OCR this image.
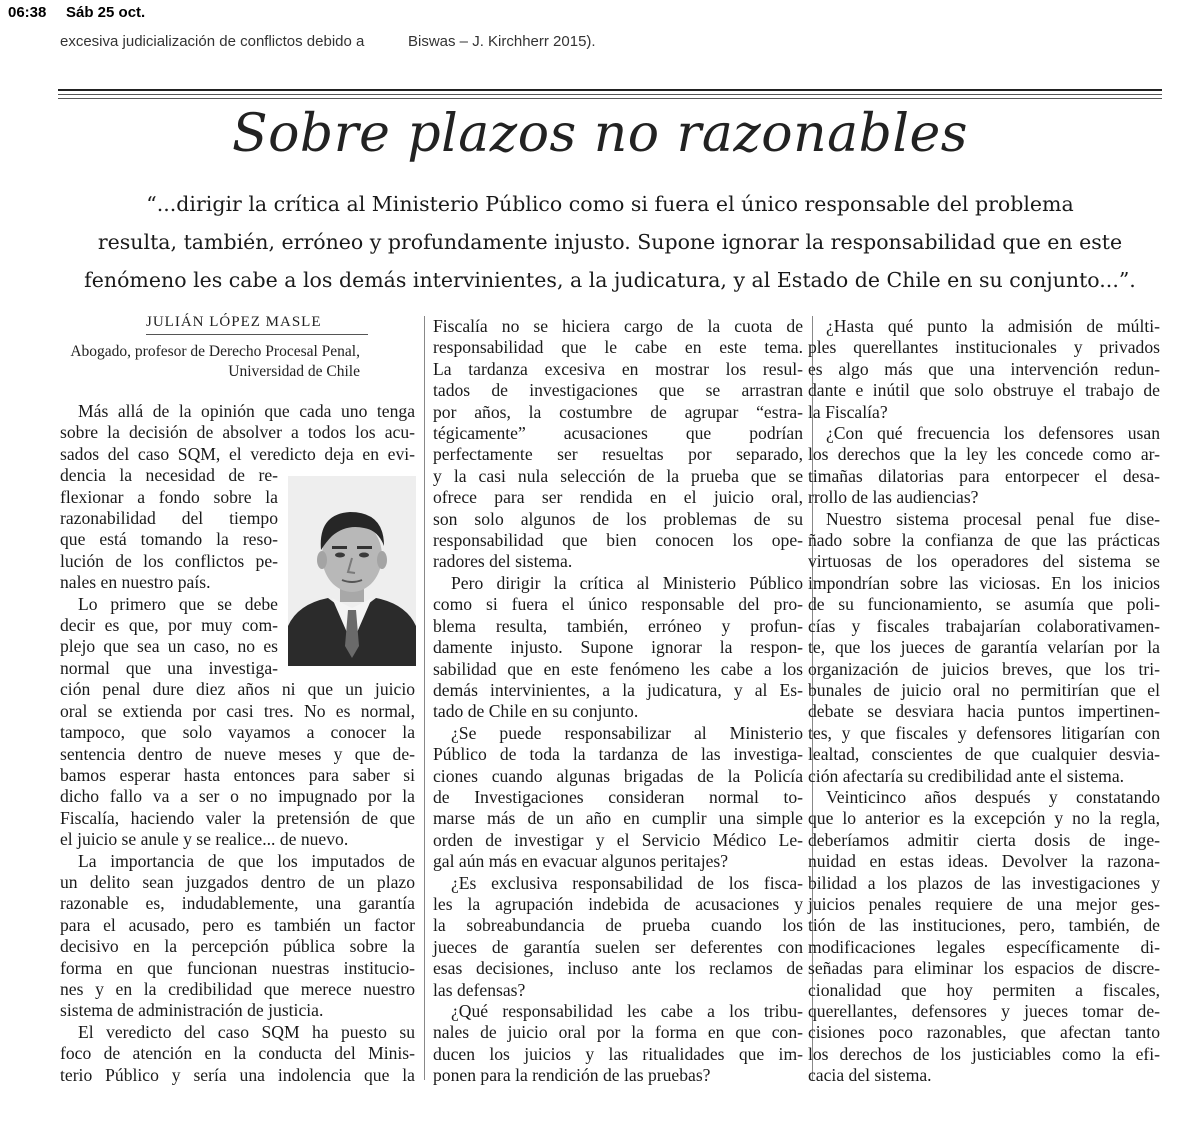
06:38 Sáb 25 oct.
excesiva judicialización de conflictos debido a	Biswas – J. Kirchherr 2015).
Sobre plazos no razonables
“...dirigir la crítica al Ministerio Público como si fuera el único responsable del problema
resulta, también, erróneo y profundamente injusto. Supone ignorar la responsabilidad que en este
fenómeno les cabe a los demás intervinientes, a la judicatura, y al Estado de Chile en su conjunto...”.
JULIÁN LÓPEZ MASLE
Abogado, profesor de Derecho Procesal Penal,
Universidad de Chile

Más allá de la opinión que cada uno tenga
sobre la decisión de absolver a todos los acu-
sados del caso SQM, el veredicto deja en evi-
dencia la necesidad de re-

flexionar a fondo sobre la
razonabilidad del tiempo
que está tomando la reso-
lución de los conflictos pe-
nales en nuestro país.
Lo primero que se debe
decir es que, por muy com-
plejo que sea un caso, no es
normal que una investiga-

ción penal dure diez años ni que un juicio
oral se extienda por casi tres. No es normal,
tampoco, que solo vayamos a conocer la
sentencia dentro de nueve meses y que de-
bamos esperar hasta entonces para saber si
dicho fallo va a ser o no impugnado por la
Fiscalía, haciendo valer la pretensión de que
el juicio se anule y se realice... de nuevo.
La importancia de que los imputados de
un delito sean juzgados dentro de un plazo
razonable es, indudablemente, una garantía
para el acusado, pero es también un factor
decisivo en la percepción pública sobre la
forma en que funcionan nuestras institucio-
nes y en la credibilidad que merece nuestro
sistema de administración de justicia.
El veredicto del caso SQM ha puesto su
foco de atención en la conducta del Minis-
terio Público y sería una indolencia que la

Fiscalía no se hiciera cargo de la cuota de
responsabilidad que le cabe en este tema.
La tardanza excesiva en mostrar los resul-
tados de investigaciones que se arrastran
por años, la costumbre de agrupar “estra-
tégicamente” acusaciones que podrían
perfectamente ser resueltas por separado,
y la casi nula selección de la prueba que se
ofrece para ser rendida en el juicio oral,
son solo algunos de los problemas de su
responsabilidad que bien conocen los ope-
radores del sistema.

Pero dirigir la crítica al Ministerio Público
como si fuera el único responsable del pro-
blema resulta, también, erróneo y profun-
damente injusto. Supone ignorar la respon-
sabilidad que en este fenómeno les cabe a los
demás intervinientes, a la judicatura, y al Es-
tado de Chile en su conjunto.

¿Se puede responsabilizar al Ministerio
Público de toda la tardanza de las investiga-
ciones cuando algunas brigadas de la Policía
de Investigaciones consideran normal to-
marse más de un año en cumplir una simple
orden de investigar y el Servicio Médico Le-
gal aún más en evacuar algunos peritajes?

¿Es exclusiva responsabilidad de los fisca-
les la agrupación indebida de acusaciones y
la sobreabundancia de prueba cuando los
jueces de garantía suelen ser deferentes con
esas decisiones, incluso ante los reclamos de
las defensas?

¿Qué responsabilidad les cabe a los tribu-
nales de juicio oral por la forma en que con-
ducen los juicios y las ritualidades que im-
ponen para la rendición de las pruebas?

¿Hasta qué punto la admisión de múlti-
ples querellantes institucionales y privados
es algo más que una intervención redun-
dante e inútil que solo obstruye el trabajo de
la Fiscalía?

¿Con qué frecuencia los defensores usan
los derechos que la ley les concede como ar-
timañas dilatorias para entorpecer el desa-
rrollo de las audiencias?

Nuestro sistema procesal penal fue dise-
ñado sobre la confianza de que las prácticas
virtuosas de los operadores del sistema se
impondrían sobre las viciosas. En los inicios
de su funcionamiento, se asumía que poli-
cías y fiscales trabajarían colaborativamen-
te, que los jueces de garantía velarían por la
organización de juicios breves, que los tri-
bunales de juicio oral no permitirían que el
debate se desviara hacia puntos impertinen-
tes, y que fiscales y defensores litigarían con
lealtad, conscientes de que cualquier desvia-
ción afectaría su credibilidad ante el sistema.

Veinticinco años después y constatando
que lo anterior es la excepción y no la regla,
deberíamos admitir cierta dosis de inge-
nuidad en estas ideas. Devolver la razona-
bilidad a los plazos de las investigaciones y
juicios penales requiere de una mejor ges-
tión de las instituciones, pero, también, de
modificaciones legales específicamente di-
señadas para eliminar los espacios de discre-
cionalidad que hoy permiten a fiscales,
querellantes, defensores y jueces tomar de-
cisiones poco razonables, que afectan tanto
los derechos de los justiciables como la efi-
cacia del sistema.
